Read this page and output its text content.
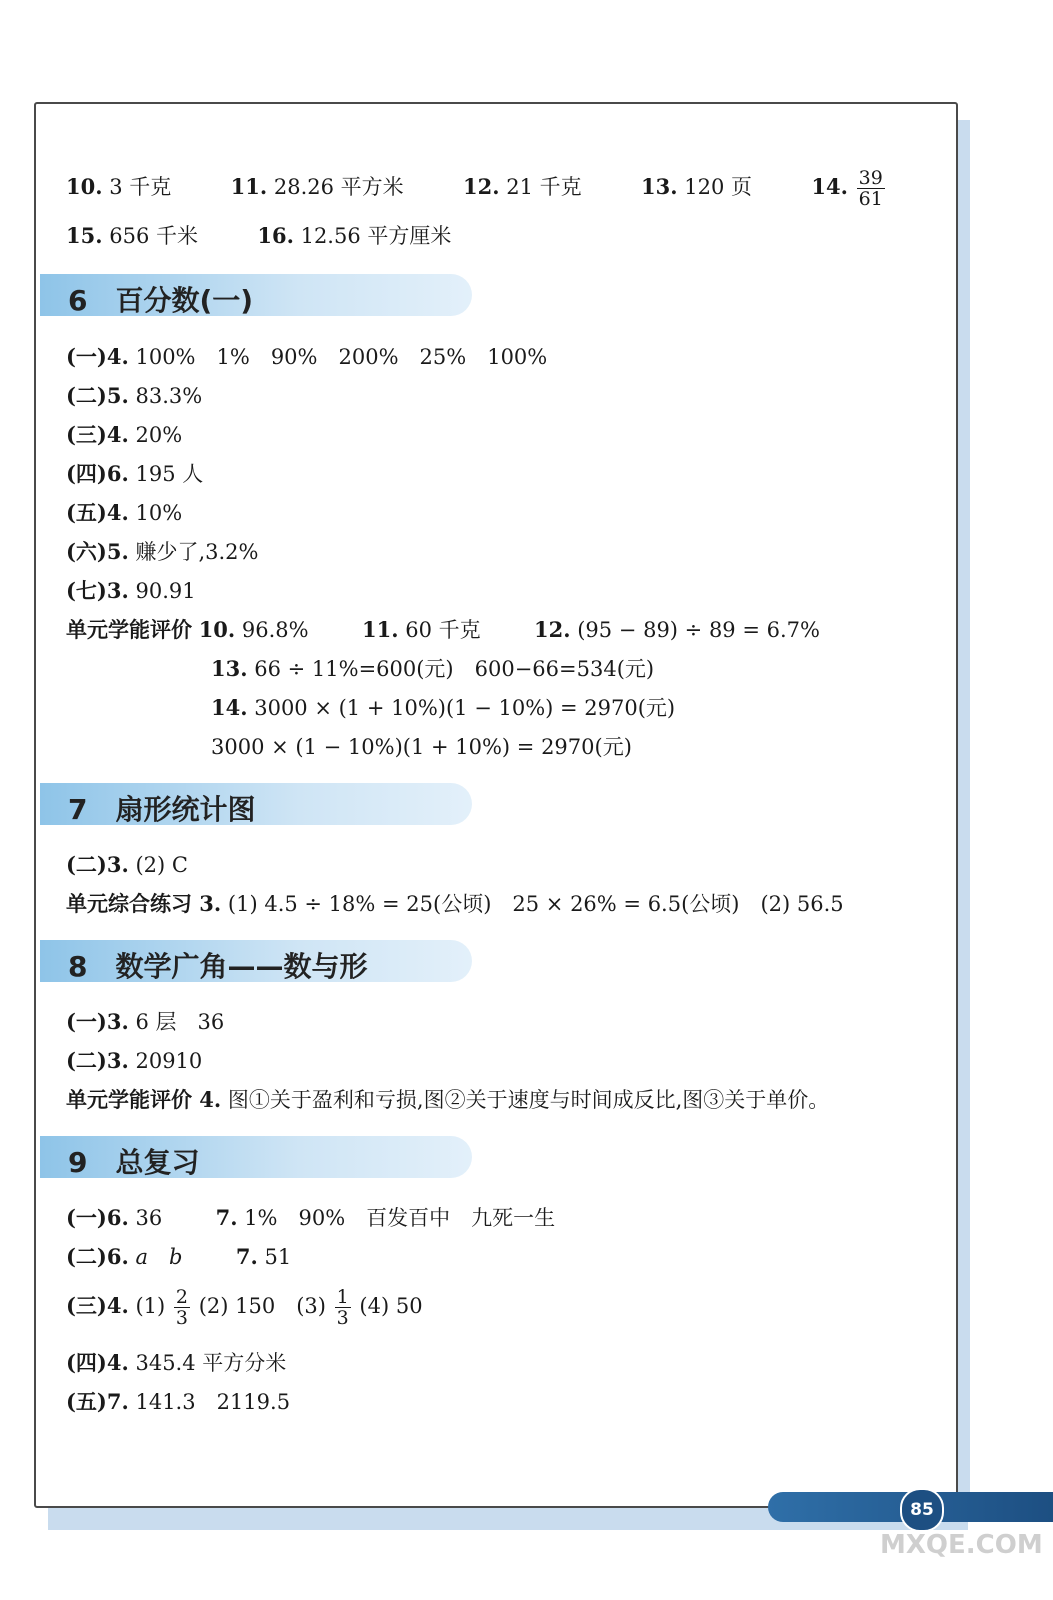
10. 3 千克	11. 28.26 平方米	12. 21 千克	13. 120 页	14. $\frac{39}{61}$
15. 656 千米	16. 12.56 平方厘米
6　 百分数(一)
(一)4. 100%　1%　90%　200%　25%　100%
(二)5. 83.3%
(三)4. 20%
(四)6. 195 人
(五)4. 10%
(六)5. 赚少了,3.2%
(七)3. 90.91
单元学能评价 10. 96.8%	11. 60 千克	12. (95 − 89) ÷ 89 = 6.7%
13. 66 ÷ 11%=600(元)　600−66=534(元)
14. 3000 × (1 + 10%)(1 − 10%) = 2970(元)
3000 × (1 − 10%)(1 + 10%) = 2970(元)
7　 扇形统计图
(二)3. (2) C
单元综合练习 3. (1) 4.5 ÷ 18% = 25(公顷)　25 × 26% = 6.5(公顷)　(2) 56.5
8　 数学广角——数与形
(一)3. 6 层　36
(二)3. 20910
单元学能评价 4. 图①关于盈利和亏损,图②关于速度与时间成反比,图③关于单价。
9　 总复习
(一)6. 36	7. 1%　90%　百发百中　九死一生
(二)6. a　 b	7. 51
(三)4. $(1) \frac{2}{3} (2)$ 150　$(3) \frac{1}{3} (4)$ 50
(四)4. 345.4 平方分米
(五)7. 141.3　2119.5
85
MXQE.COM
